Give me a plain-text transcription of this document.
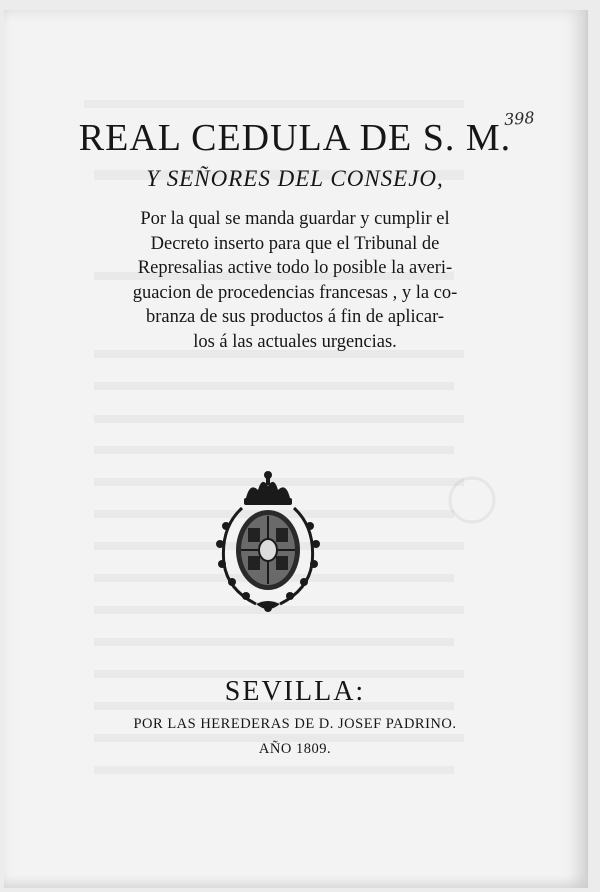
398
REAL CEDULA DE S. M.
Y SEÑORES DEL CONSEJO,
Por la qual se manda guardar y cumplir el
Decreto inserto para que el Tribunal de
Represalias active todo lo posible la averi-
guacion de procedencias francesas , y la co-
branza de sus productos á fin de aplicar-
los á las actuales urgencias.
SEVILLA:
POR LAS HEREDERAS DE D. JOSEF PADRINO.
AÑO 1809.
